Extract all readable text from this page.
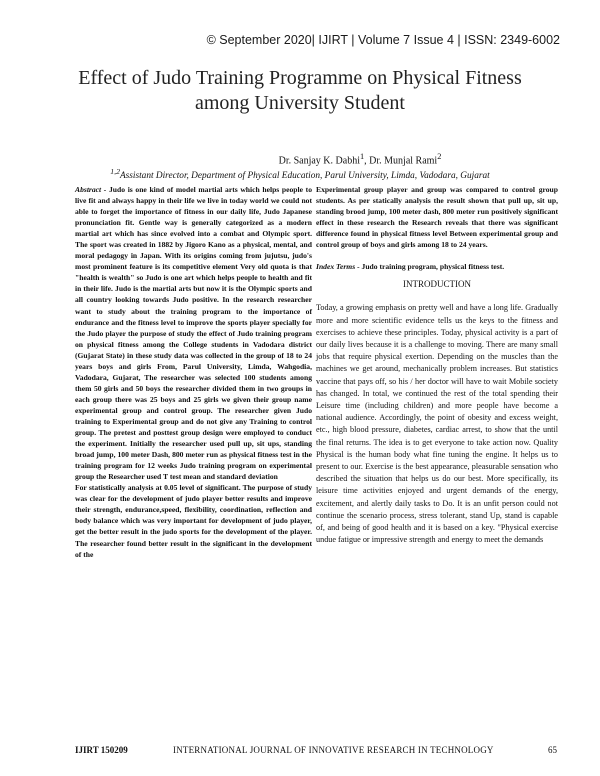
© September 2020| IJIRT | Volume 7 Issue 4 | ISSN: 2349-6002
Effect of Judo Training Programme on Physical Fitness
among University Student
Dr. Sanjay K. Dabhi$^1$, Dr. Munjal Rami$^2$
$^{1,2}$Assistant Director, Department of Physical Education, Parul University, Limda, Vadodara, Gujarat

Abstract - Judo is one kind of model martial arts which helps people to live fit and always happy in their life we live in today world we could not able to forget the importance of fitness in our daily life, Judo Japanese pronunciation fit. Gentle way is generally categorized as a modern martial art which has since evolved into a combat and Olympic sport. The sport was created in 1882 by Jigoro Kano as a physical, mental, and moral pedagogy in Japan. With its origins coming from jujutsu, judo's most prominent feature is its competitive element Very old quota is that "health is wealth" so Judo is one art which helps people to health and fit in their life. Judo is the martial arts but now it is the Olympic sports and all country looking towards Judo positive. In the research researcher want to study about the training program to the importance of endurance and the fitness level to improve the sports player specially for the Judo player the purpose of study the effect of Judo training program on physical fitness among the College students in Vadodara district (Gujarat State) in these study data was collected in the group of 18 to 24 years boys and girls From, Parul University, Limda, Wahgodia, Vadodara, Gujarat, The researcher was selected 100 students among them 50 girls and 50 boys the researcher divided them in two groups in each group there was 25 boys and 25 girls we given their group name experimental group and control group. The researcher given Judo training to Experimental group and do not give any Training to control group. The pretest and posttest group design were employed to conduct the experiment. Initially the researcher used pull up, sit ups, standing broad jump, 100 meter Dash, 800 meter run as physical fitness test in the training program for 12 weeks Judo training program on experimental group the Researcher used T test mean and standard deviation

For statistically analysis at 0.05 level of significant. The purpose of study was clear for the development of judo player better results and improve their strength, endurance,speed, flexibility, coordination, reflection and body balance which was very important for development of judo player, get the better result in the judo sports for the development of the player. The researcher found better result in the significant in the development of the

Experimental group player and group was compared to control group students. As per statically analysis the result shown that pull up, sit up, standing brood jump, 100 meter dash, 800 meter run positively significant effect in these research the Research reveals that there was significant difference found in physical fitness level Between experimental group and control group of boys and girls among 18 to 24 years.

Index Terms - Judo training program, physical fitness test.

INTRODUCTION

Today, a growing emphasis on pretty well and have a long life. Gradually more and more scientific evidence tells us the keys to the fitness and exercises to achieve these principles. Today, physical activity is a part of our daily lives because it is a challenge to moving. There are many small jobs that require physical exertion. Depending on the muscles than the machines we get around, mechanically problem increases. But statistics vaccine that pays off, so his / her doctor will have to wait Mobile society has changed. In total, we continued the rest of the total spending their Leisure time (including children) and more people have become a national audience. Accordingly, the point of obesity and excess weight, etc., high blood pressure, diabetes, cardiac arrest, to show that the until the final returns. The idea is to get everyone to take action now. Quality Physical is the human body what fine tuning the engine. It helps us to present to our. Exercise is the best appearance, pleasurable sensation who described the situation that helps us do our best. More specifically, its leisure time activities enjoyed and urgent demands of the energy, excitement, and alertly daily tasks to Do. It is an unfit person could not continue the scenario process, stress tolerant, stand Up, stand is capable of, and being of good health and it is based on a key. "Physical exercise undue fatigue or impressive strength and energy to meet the demands

IJIRT 150209	INTERNATIONAL JOURNAL OF INNOVATIVE RESEARCH IN TECHNOLOGY	65
